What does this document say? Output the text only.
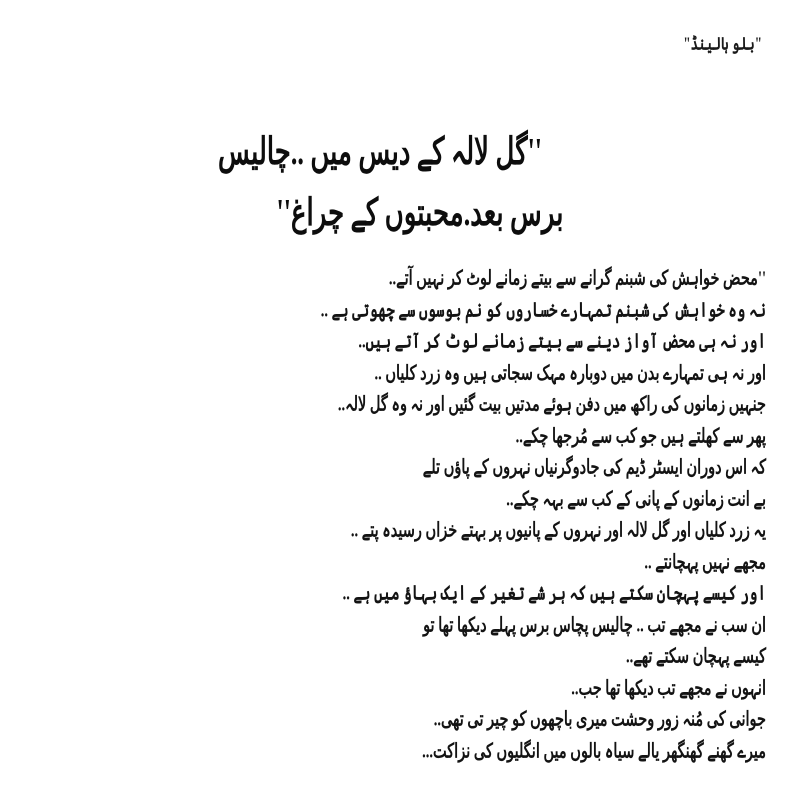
"بلو ہالینڈ"
''گل لالہ کے دیس میں ..چالیس
برس بعد.محبتوں کے چراغ''
''محض خواہش کی شبنم گرانے سے بیتے زمانے لوٹ کر نہیں آتے..
نہ وہ خواہش کی شبنم تمہارے خساروں کو نم بوسوں سے چھوتی ہے ..
اور نہ ہی محض آواز دینے سے بیتے زمانے لوٹ کر آتے ہیں..
اور نہ ہی تمہارے بدن میں دوبارہ مہک سجاتی ہیں وہ زرد کلیاں ..
جنہیں زمانوں کی راکھ میں دفن ہوئے مدتیں بیت گئیں اور نہ وہ گل لالہ..
پھر سے کھلتے ہیں جو کب سے مُرجھا چکے..
کہ اس دوران ایسٹر ڈیم کی جادوگرنیاں نہروں کے پاؤں تلے
بے انت زمانوں کے پانی کے کب سے بہہ چکے..
یہ زرد کلیاں اور گل لالہ اور نہروں کے پانیوں پر بہتے خزاں رسیدہ پتے ..
مجھے نہیں پہچانتے ..
اور کیسے پہچان سکتے ہیں کہ ہر شے تغیر کے ایک بہاؤ میں ہے ..
ان سب نے مجھے تب .. چالیس پچاس برس پہلے دیکھا تھا تو
کیسے پہچان سکتے تھے..
انہوں نے مجھے تب دیکھا تھا جب..
جوانی کی مُنہ زور وحشت میری باچھوں کو چیر تی تھی..
میرے گھنے گھنگھر یالے سیاہ بالوں میں انگلیوں کی نزاکت...
